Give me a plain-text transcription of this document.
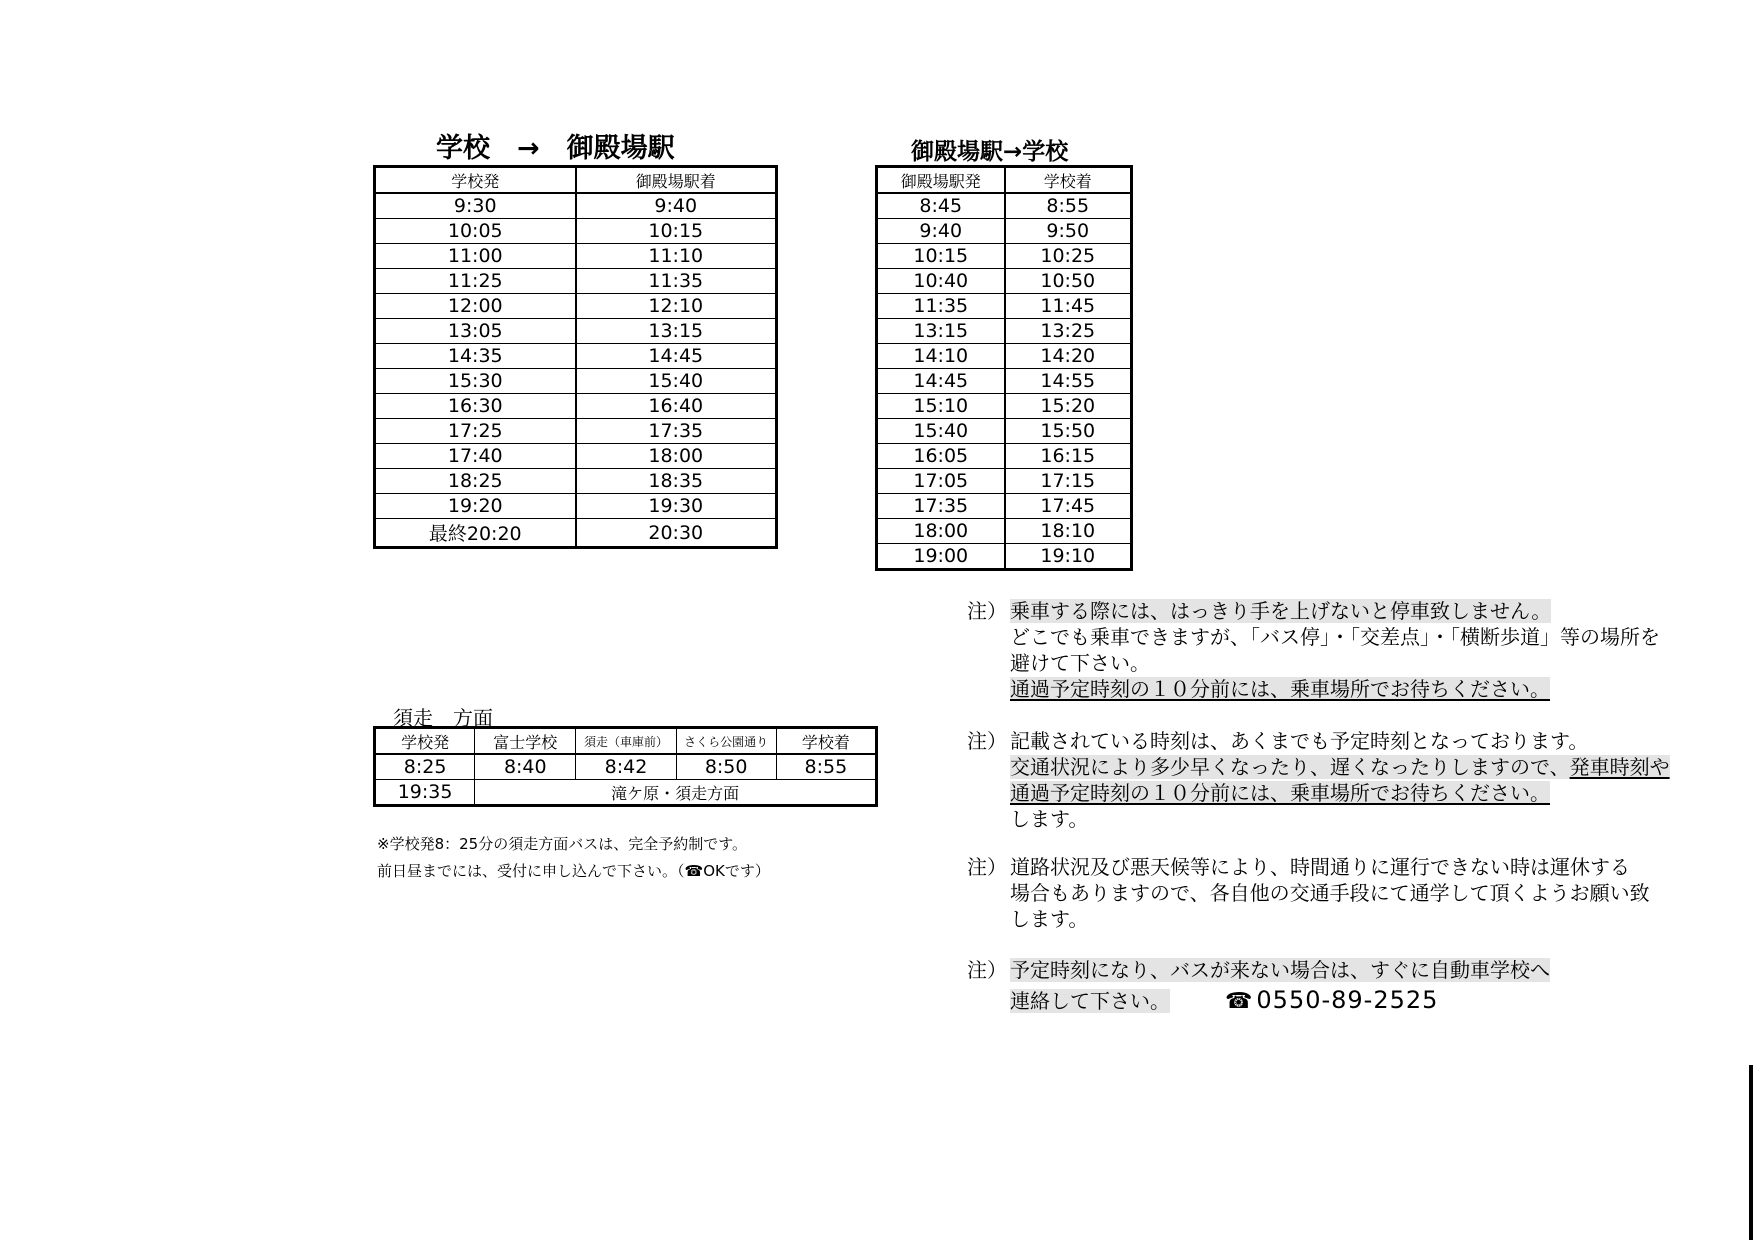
学校　→　御殿場駅
学校発	御殿場駅着
9:30	9:40
10:05	10:15
11:00	11:10
11:25	11:35
12:00	12:10
13:05	13:15
14:35	14:45
15:30	15:40
16:30	16:40
17:25	17:35
17:40	18:00
18:25	18:35
19:20	19:30
最終20:20	20:30
御殿場駅→学校
御殿場駅発	学校着
8:45	8:55
9:40	9:50
10:15	10:25
10:40	10:50
11:35	11:45
13:15	13:25
14:10	14:20
14:45	14:55
15:10	15:20
15:40	15:50
16:05	16:15
17:05	17:15
17:35	17:45
18:00	18:10
19:00	19:10
須走　方面
学校発	富士学校	須走（車庫前）	さくら公園通り	学校着
8:25	8:40	8:42	8:50	8:55
19:35	滝ケ原・須走方面			
※学校発8：25分の須走方面バスは、完全予約制です。
前日昼までには、受付に申し込んで下さい。（☎OKです）
注） 乗車する際には、はっきり手を上げないと停車致しません。
どこでも乗車できますが、「バス停」・「交差点」・「横断歩道」等の場所を
避けて下さい。
通過予定時刻の１０分前には、乗車場所でお待ちください。
注） 記載されている時刻は、あくまでも予定時刻となっております。
交通状況により多少早くなったり、遅くなったりしますので、発車時刻や
通過予定時刻の１０分前には、乗車場所でお待ちください。
します。
注） 道路状況及び悪天候等により、時間通りに運行できない時は運休する
場合もありますので、各自他の交通手段にて通学して頂くようお願い致
します。
注） 予定時刻になり、バスが来ない場合は、すぐに自動車学校へ
連絡して下さい。	☎ 0550-89-2525
